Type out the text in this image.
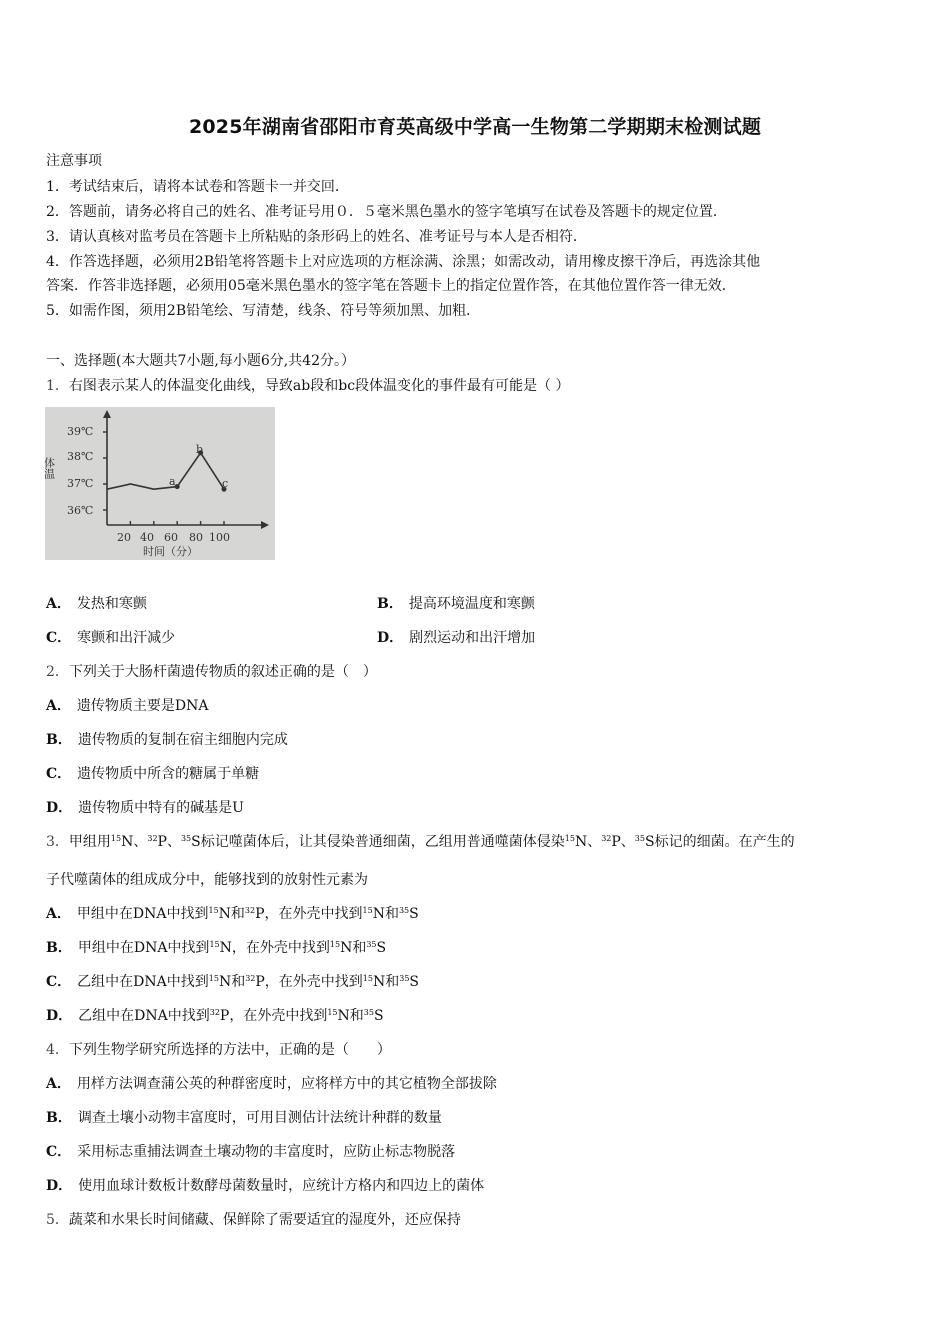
2025年湖南省邵阳市育英高级中学高一生物第二学期期末检测试题
注意事项
1．考试结束后，请将本试卷和答题卡一并交回．
2．答题前，请务必将自己的姓名、准考证号用０．５毫米黑色墨水的签字笔填写在试卷及答题卡的规定位置．
3．请认真核对监考员在答题卡上所粘贴的条形码上的姓名、准考证号与本人是否相符．
4．作答选择题，必须用2B铅笔将答题卡上对应选项的方框涂满、涂黑；如需改动，请用橡皮擦干净后，再选涂其他
答案．作答非选择题，必须用05毫米黑色墨水的签字笔在答题卡上的指定位置作答，在其他位置作答一律无效．
5．如需作图，须用2B铅笔绘、写清楚，线条、符号等须加黑、加粗．
一、选择题(本大题共7小题,每小题6分,共42分。）
1．右图表示某人的体温变化曲线，导致ab段和bc段体温变化的事件最有可能是（ ）
39℃
38℃
37℃
36℃
体温
20 40 60 80 100
时间（分）
a
b
c
A． 发热和寒颤	B． 提高环境温度和寒颤
C． 寒颤和出汗减少	D． 剧烈运动和出汗增加
2．下列关于大肠杆菌遗传物质的叙述正确的是（　）
A． 遗传物质主要是DNA
B． 遗传物质的复制在宿主细胞内完成
C． 遗传物质中所含的糖属于单糖
D． 遗传物质中特有的碱基是U
3．甲组用$^{15}$N、$^{32}$P、$^{35}$S标记噬菌体后，让其侵染普通细菌，乙组用普通噬菌体侵染$^{15}$N、$^{32}$P、$^{35}$S标记的细菌。在产生的
子代噬菌体的组成成分中，能够找到的放射性元素为
A． 甲组中在DNA中找到$^{15}$N和$^{32}$P，在外壳中找到$^{15}$N和$^{35}$S
B． 甲组中在DNA中找到$^{15}$N，在外壳中找到$^{15}$N和$^{35}$S
C． 乙组中在DNA中找到$^{15}$N和$^{32}$P，在外壳中找到$^{15}$N和$^{35}$S
D． 乙组中在DNA中找到$^{32}$P，在外壳中找到$^{15}$N和$^{35}$S
4．下列生物学研究所选择的方法中，正确的是（　　）
A． 用样方法调查蒲公英的种群密度时，应将样方中的其它植物全部拔除
B． 调查土壤小动物丰富度时，可用目测估计法统计种群的数量
C． 采用标志重捕法调查土壤动物的丰富度时，应防止标志物脱落
D． 使用血球计数板计数酵母菌数量时，应统计方格内和四边上的菌体
5．蔬菜和水果长时间储藏、保鲜除了需要适宜的湿度外，还应保持
